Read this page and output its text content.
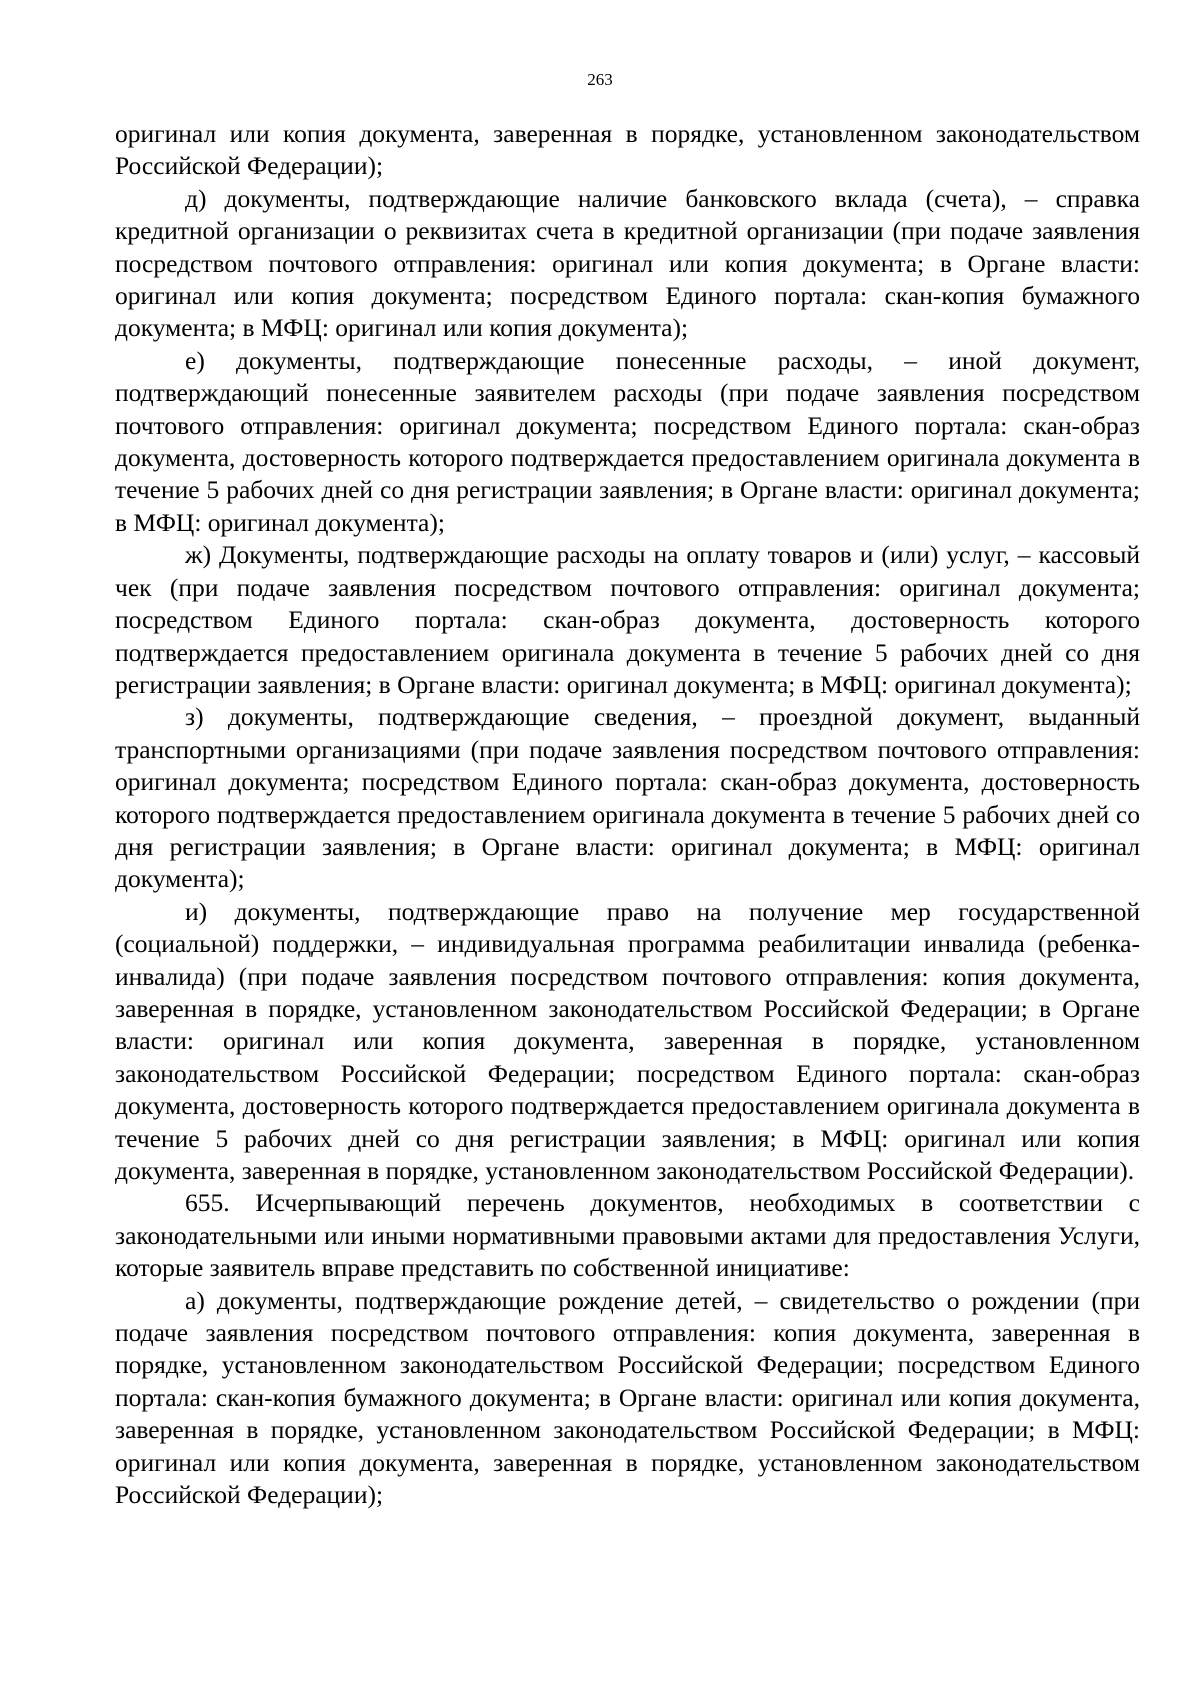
263

оригинал или копия документа, заверенная в порядке, установленном законодательством Российской Федерации);

д) документы, подтверждающие наличие банковского вклада (счета), – справка кредитной организации о реквизитах счета в кредитной организации (при подаче заявления посредством почтового отправления: оригинал или копия документа; в Органе власти: оригинал или копия документа; посредством Единого портала: скан-копия бумажного документа; в МФЦ: оригинал или копия документа);

е) документы, подтверждающие понесенные расходы, – иной документ, подтверждающий понесенные заявителем расходы (при подаче заявления посредством почтового отправления: оригинал документа; посредством Единого портала: скан-образ документа, достоверность которого подтверждается предоставлением оригинала документа в течение 5 рабочих дней со дня регистрации заявления; в Органе власти: оригинал документа; в МФЦ: оригинал документа);

ж) Документы, подтверждающие расходы на оплату товаров и (или) услуг, – кассовый чек (при подаче заявления посредством почтового отправления: оригинал документа; посредством Единого портала: скан-образ документа, достоверность которого подтверждается предоставлением оригинала документа в течение 5 рабочих дней со дня регистрации заявления; в Органе власти: оригинал документа; в МФЦ: оригинал документа);

з) документы, подтверждающие сведения, – проездной документ, выданный транспортными организациями (при подаче заявления посредством почтового отправления: оригинал документа; посредством Единого портала: скан-образ документа, достоверность которого подтверждается предоставлением оригинала документа в течение 5 рабочих дней со дня регистрации заявления; в Органе власти: оригинал документа; в МФЦ: оригинал документа);

и) документы, подтверждающие право на получение мер государственной (социальной) поддержки, – индивидуальная программа реабилитации инвалида (ребенка-инвалида) (при подаче заявления посредством почтового отправления: копия документа, заверенная в порядке, установленном законодательством Российской Федерации; в Органе власти: оригинал или копия документа, заверенная в порядке, установленном законодательством Российской Федерации; посредством Единого портала: скан-образ документа, достоверность которого подтверждается предоставлением оригинала документа в течение 5 рабочих дней со дня регистрации заявления; в МФЦ: оригинал или копия документа, заверенная в порядке, установленном законодательством Российской Федерации).

655. Исчерпывающий перечень документов, необходимых в соответствии с законодательными или иными нормативными правовыми актами для предоставления Услуги, которые заявитель вправе представить по собственной инициативе:

а) документы, подтверждающие рождение детей, – свидетельство о рождении (при подаче заявления посредством почтового отправления: копия документа, заверенная в порядке, установленном законодательством Российской Федерации; посредством Единого портала: скан-копия бумажного документа; в Органе власти: оригинал или копия документа, заверенная в порядке, установленном законодательством Российской Федерации; в МФЦ: оригинал или копия документа, заверенная в порядке, установленном законодательством Российской Федерации);
